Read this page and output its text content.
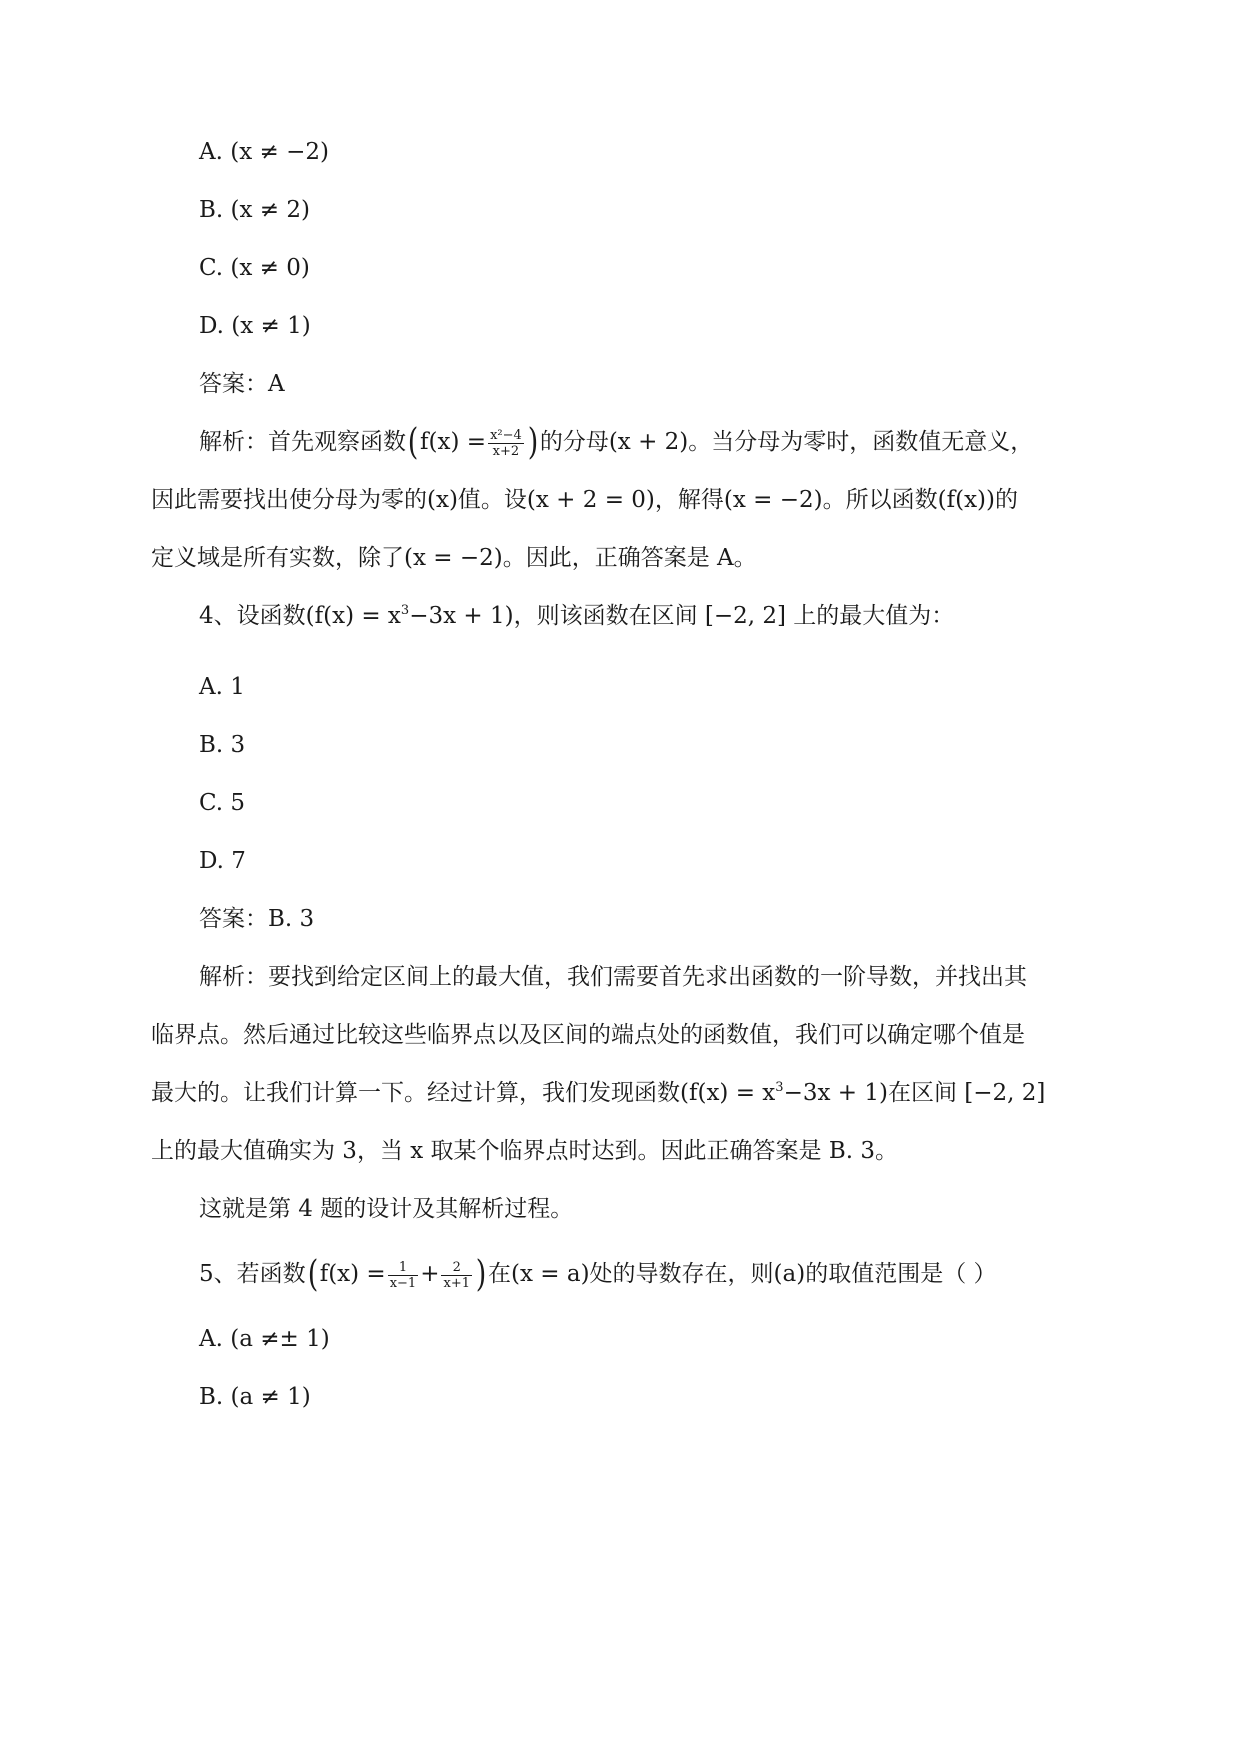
A. (x ≠ −2)
B. (x ≠ 2)
C. (x ≠ 0)
D. (x ≠ 1)
答案：A
解析：首先观察函数($f(x) = \frac{\text{x²−4}}{x+2}$ )的分母(x + 2)。当分母为零时，函数值无意义，
因此需要找出使分母为零的(x)值。设(x + 2 = 0)，解得(x = −2)。所以函数(f(x))的
定义域是所有实数，除了(x = −2)。因此，正确答案是 A。
4、设函数$(f(x) = x^3-3x + 1)$，则该函数在区间 [−2, 2] 上的最大值为：
A. 1
B. 3
C. 5
D. 7
答案：B. 3
解析：要找到给定区间上的最大值，我们需要首先求出函数的一阶导数，并找出其
临界点。然后通过比较这些临界点以及区间的端点处的函数值，我们可以确定哪个值是
最大的。让我们计算一下。经过计算，我们发现函数$(f(x) = x^3-3x + 1)$在区间 [−2, 2]
上的最大值确实为 3，当 x 取某个临界点时达到。因此正确答案是 B. 3。
这就是第 4 题的设计及其解析过程。
5、若函数($f(x) = \frac{1}{x-1} + \frac{2}{x+1}$ )在(x = a)处的导数存在，则(a)的取值范围是（ ）
A. (a ≠± 1)
B. (a ≠ 1)
